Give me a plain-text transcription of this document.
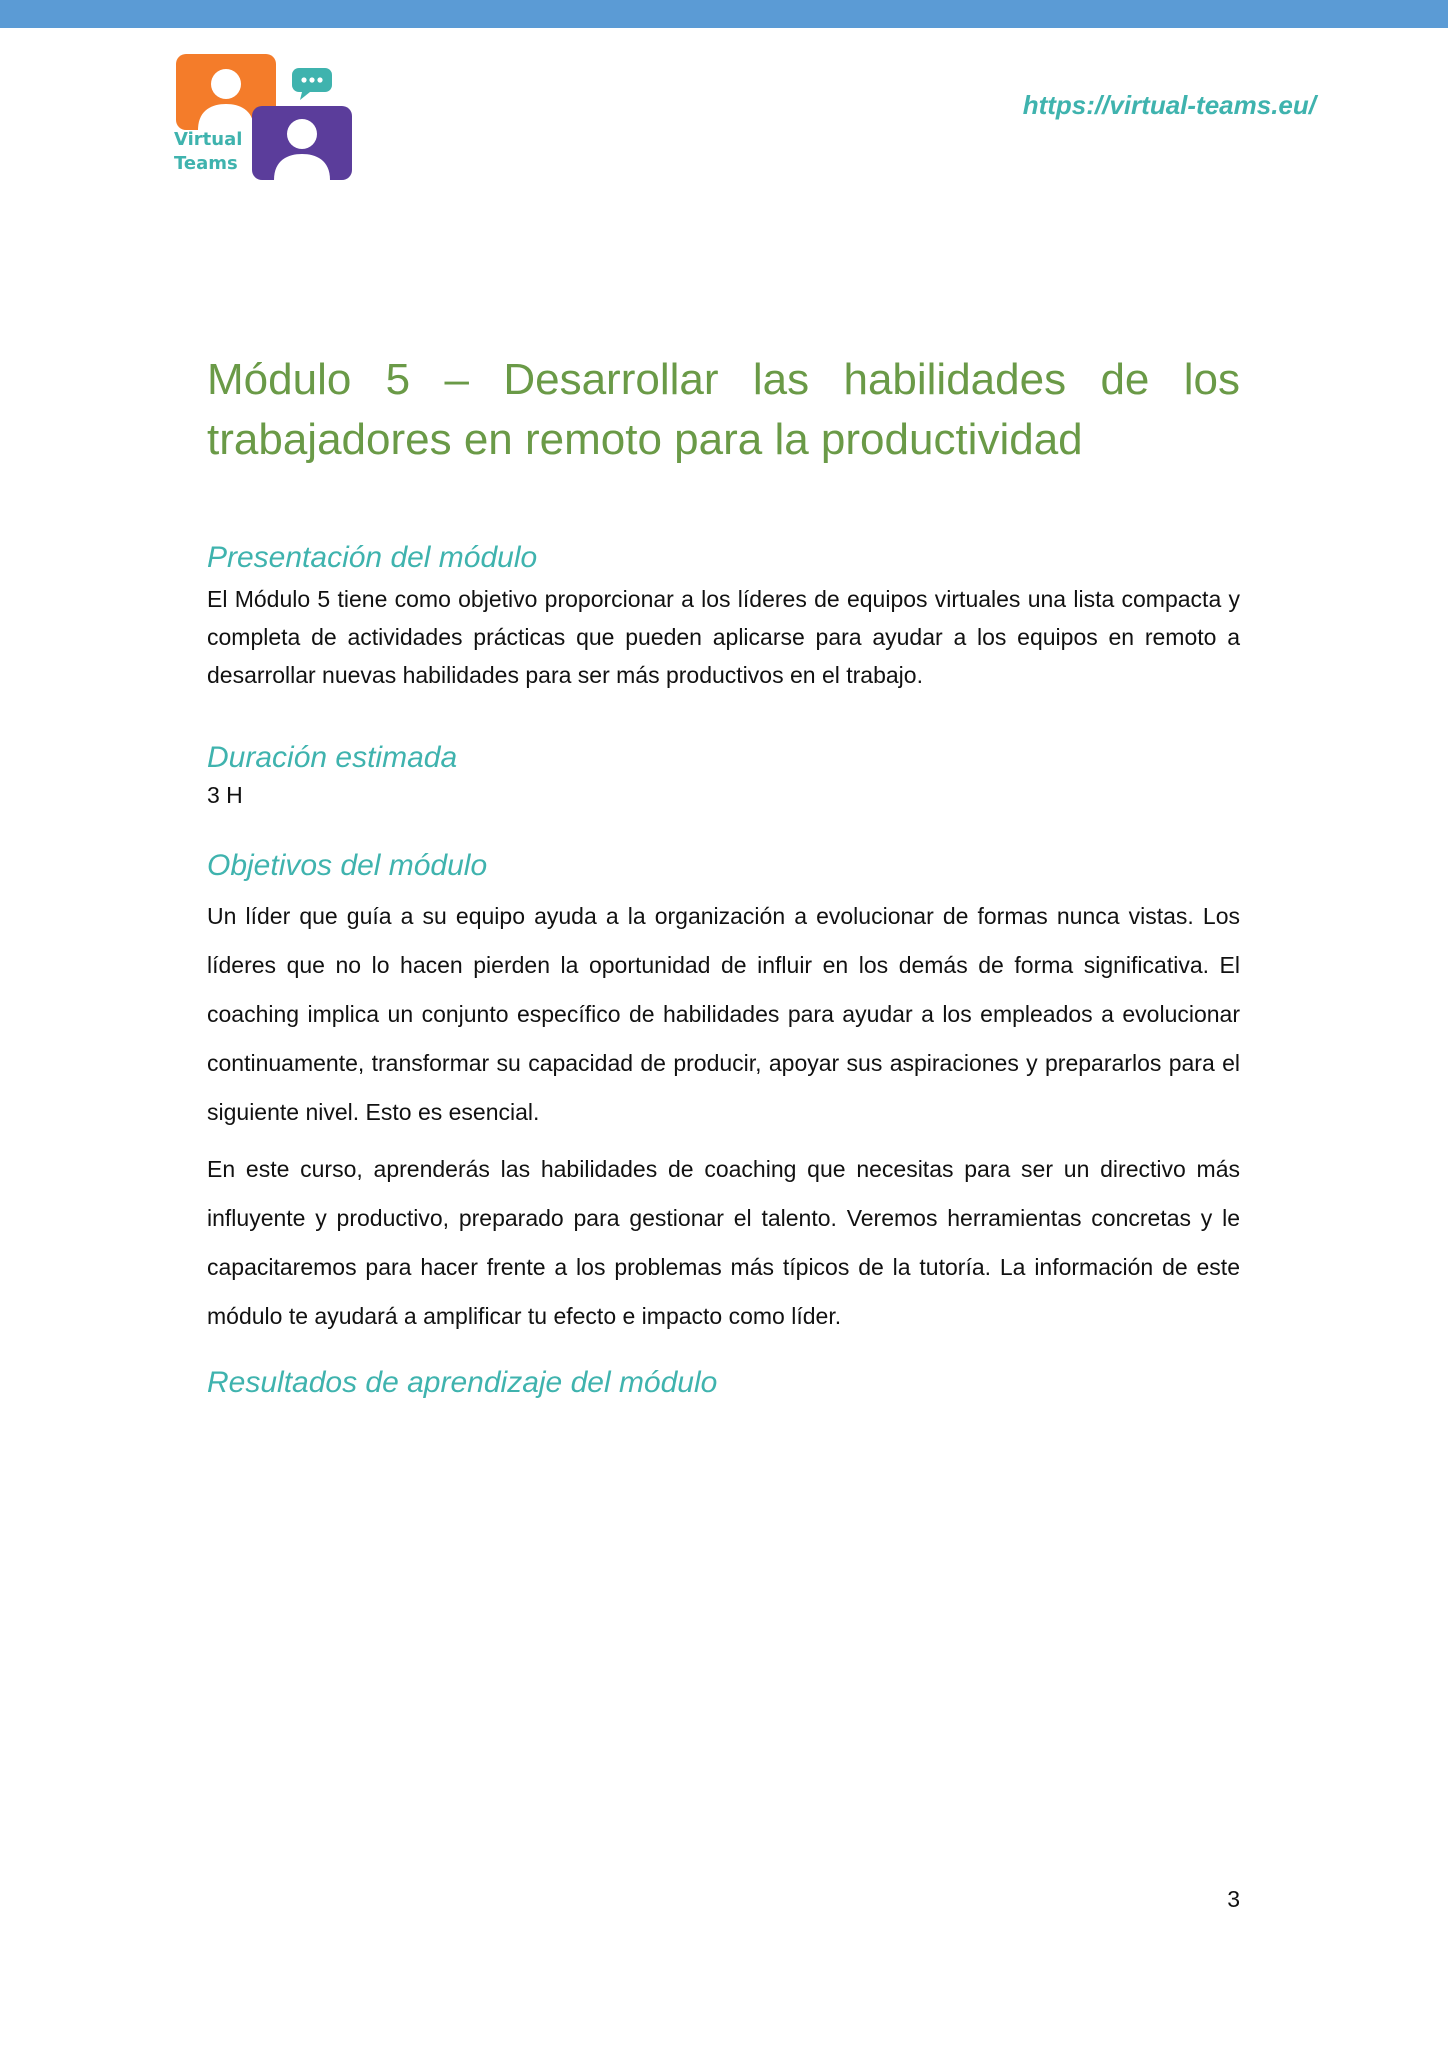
Virtual
Teams
https://virtual-teams.eu/
Módulo 5 – Desarrollar las habilidades de los trabajadores en remoto para la productividad
Presentación del módulo

El Módulo 5 tiene como objetivo proporcionar a los líderes de equipos virtuales una lista compacta y completa de actividades prácticas que pueden aplicarse para ayudar a los equipos en remoto a desarrollar nuevas habilidades para ser más productivos en el trabajo.

Duración estimada

3 H

Objetivos del módulo

Un líder que guía a su equipo ayuda a la organización a evolucionar de formas nunca vistas. Los líderes que no lo hacen pierden la oportunidad de influir en los demás de forma significativa. El coaching implica un conjunto específico de habilidades para ayudar a los empleados a evolucionar continuamente, transformar su capacidad de producir, apoyar sus aspiraciones y prepararlos para el siguiente nivel. Esto es esencial.

En este curso, aprenderás las habilidades de coaching que necesitas para ser un directivo más influyente y productivo, preparado para gestionar el talento. Veremos herramientas concretas y le capacitaremos para hacer frente a los problemas más típicos de la tutoría. La información de este módulo te ayudará a amplificar tu efecto e impacto como líder.

Resultados de aprendizaje del módulo
3
